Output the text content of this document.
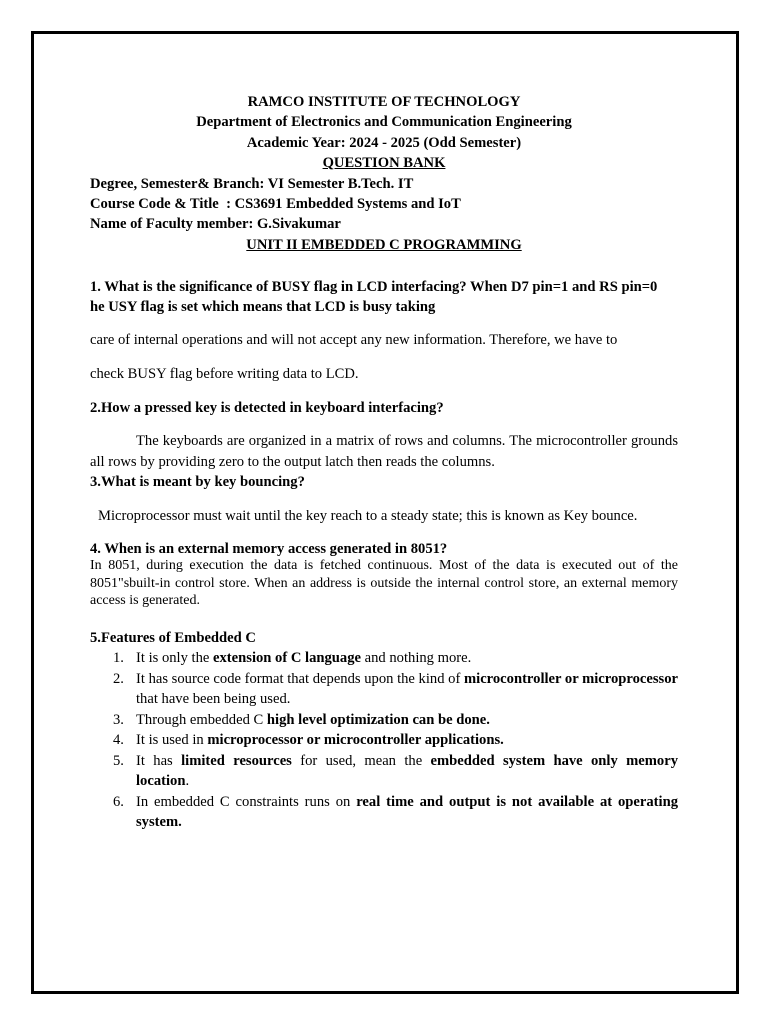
RAMCO INSTITUTE OF TECHNOLOGY
Department of Electronics and Communication Engineering
Academic Year: 2024 - 2025 (Odd Semester)
QUESTION BANK
Degree, Semester& Branch: VI Semester B.Tech. IT
Course Code & Title  : CS3691 Embedded Systems and IoT
Name of Faculty member: G.Sivakumar
UNIT II EMBEDDED C PROGRAMMING
1. What is the significance of BUSY flag in LCD interfacing? When D7 pin=1 and RS pin=0
he USY flag is set which means that LCD is busy taking
care of internal operations and will not accept any new information. Therefore, we have to
check BUSY flag before writing data to LCD.
2.How a pressed key is detected in keyboard interfacing?
The keyboards are organized in a matrix of rows and columns. The microcontroller grounds all rows by providing zero to the output latch then reads the columns.
3.What is meant by key bouncing?
Microprocessor must wait until the key reach to a steady state; this is known as Key bounce.
4. When is an external memory access generated in 8051?
In 8051, during execution the data is fetched continuous. Most of the data is executed out of the 8051"sbuilt-in control store. When an address is outside the internal control store, an external memory access is generated.
5.Features of Embedded C
1. It is only the extension of C language and nothing more.
2. It has source code format that depends upon the kind of microcontroller or microprocessor that have been being used.
3. Through embedded C high level optimization can be done.
4. It is used in microprocessor or microcontroller applications.
5. It has limited resources for used, mean the embedded system have only memory location.
6. In embedded C constraints runs on real time and output is not available at operating system.
